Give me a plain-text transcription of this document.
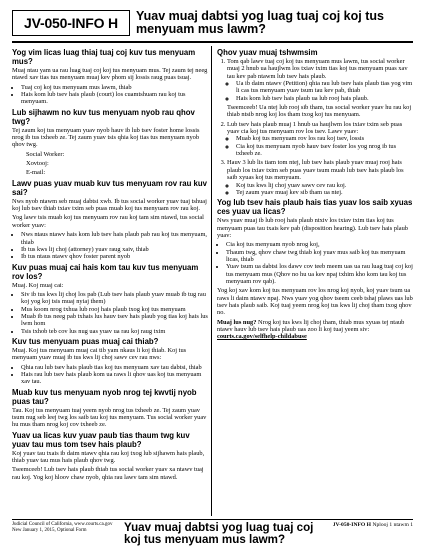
JV-050-INFO H	Yuav muaj dabtsi yog luag tuaj coj koj tus menyuam mus lawm?
Yog vim licas luag thiaj tuaj coj kuv tus menyuam mus?

Muaj ntau yam ua rau luag tuaj coj koj tus menyuam mus. Tej zaum tej neeg ntawd xav tias tus menyuam muaj kev phom sij lossis raug puas tsuaj.

• Tuaj coj koj tus menyuam mus lawm, thiab
• Hais kom lub tsev hais plaub (court) los cuamtshuam rau koj tus menyuam.
Lub sijhawm no kuv tus menyuam nyob rau qhov twg?

Tej zaum koj tus menyuam yuav nyob hauv ib lub tsev foster home lossis nrog ib tus txheeb ze. Tej zaum yuav tsis qhia koj tias tus menyuam nyob qhov twg.

Social Worker:

Xovtooj:

E-mail:

Lawv puas yuav muab kuv tus menyuam rov rau kuv sai?

Nws nyob ntawm seb muaj dabtsi xwb. Ib tus social worker yuav tuaj tshuaj koj lub tsev thiab txiav txim seb puas muab koj tus menyuam rov rau koj.

Yog lawv tsis muab koj tus menyuam rov rau koj tam sim ntawd, tus social worker yuav:

• Nws ntaus ntawv hais kom lub tsev hais plaub pab rau koj tus menyuam, thiab
• Ib tus kws lij choj (attorney) yuav raug xaiv, thiab
• Ib tus ntaus ntawv qhov foster parent nyob
Kuv puas muaj cai hais kom tau kuv tus menyuam rov los?

Muaj. Koj muaj cai:

• Siv ib tus kws lij choj los pab (Lub tsev hais plaub yuav muab ib tug rau koj yog koj tsis muaj nyiaj them)
• Mus koom nrog txhua lub rooj hais plaub txog koj tus menyuam
• Muab ib tus neeg pab txhais lus hauv tsev hais plaub yog tias koj hais lus lwm hom
• Tsis txhob teb cov lus nug uas yuav ua rau koj raug txim
Kuv tus menyuam puas muaj cai thiab?

Muaj. Koj tus menyuam muaj cai tib yam nkaus li koj thiab. Koj tus menyuam yuav muaj ib tus kws lij choj sawv cev rau nws:

• Qhia rau lub tsev hais plaub tias koj tus menyuam xav tau dabtsi, thiab
• Hais rau lub tsev hais plaub kom ua raws li qhov uas koj tus menyuam xav tau.
Muab kuv tus menyuam nyob nrog tej kwvtij nyob puas tau?

Tau. Koj tus menyuam tuaj yeem nyob nrog tus txheeb ze. Tej zaum yuav tsum nug seb leej twg los saib tau koj tus menyuam. Tus social worker yuav hu mus tham nrog koj cov txheeb ze.

Yuav ua licas kuv yuav paub tias thaum twg kuv yuav tau mus tom tsev hais plaub?

Koj yuav tau txais ib daim ntawv qhia rau koj txog lub sijhawm hais plaub, thiab yuav tau mus hais plaub qhov twg.

Tseemceeb! Lub tsev hais plaub thiab tus social worker yuav xa ntawv tuaj rau koj. Yog koj hloov chaw nyob, qhia rau lawv tam sim ntawd.

Qhov yuav muaj tshwmsim
1. Tom qab lawv tuaj coj koj tus menyuam mus lawm, tus social worker muaj 2 hnub ua haujlwm los txiav txim tias koj tus menyuam puas xav tau kev pab ntawm lub tsev hais plaub.
◦ Ua ib daim ntawv (Petition) qhia rau lub tsev hais plaub tias yog vim li cas tus menyuam yuav tsum tau kev pab, thiab
◦ Hais kom lub tsev hais plaub ua lub rooj hais plaub.

Tseemceeb! Ua ntej lub rooj sib tham, tus social worker yuav hu rau koj thiab ntsib nrog koj los tham txog koj tus menyuam.

2. Lub tsev hais plaub muaj 1 hnub ua haujlwm los txiav txim seb puas yuav cia koj tus menyuam rov los tsev. Lawv yuav:
◦ Muab koj tus menyuam rov los rau koj tsev, lossis
◦ Cia koj tus menyuam nyob hauv tsev foster los yog nrog ib tus txheeb ze.
3. Hauv 3 lub lis tiam tom ntej, lub tsev hais plaub yuav muaj rooj hais plaub los txiav txim seb puas yuav tsum muab lub tsev hais plaub los saib xyuas koj tus menyuam.
◦ Koj tus kws lij choj yuav sawv cev rau koj.
◦ Tej zaum yuav muaj kev sib tham ua ntej.
Yog lub tsev hais plaub hais tias yuav los saib xyuas ces yuav ua licas?

Nws yuav muaj ib lub rooj hais plaub ntxiv los txiav txim tias koj tus menyuam puas tau txais kev pab (disposition hearing). Lub tsev hais plaub yuav:

• Cia koj tus menyuam nyob nrog koj,
• Thaum twg, qhov chaw twg thiab koj yuav mus saib koj tus menyuam licas, thiab
• Yuav tsum ua dabtsi los dawv cov teeb meem uas ua rau luag tuaj coj koj tus menyuam mus (Qhov no hu ua kev npaj txhim kho kom tau koj tus menyuam rov qab).

Yog koj xav kom koj tus menyuam rov los nrog koj nyob, koj yuav tsum ua raws li daim ntawv npaj. Nws yuav yog qhov tseem ceeb tshaj plaws uas lub tsev hais plaub saib. Koj tuaj yeem nrog koj tus kws lij choj tham txog qhov no.

Muaj lus nug? Nrog koj tus kws lij choj tham, thiab mus xyuas tej ntaub ntawv hauv lub tsev hais plaub uas zoo li koj tuaj yeem siv: courts.ca.gov/selfhelp-childabuse

Judicial Council of California, www.courts.ca.gov
New January 1, 2015, Optional Form	Yuav muaj dabtsi yog luag tuaj coj koj tus menyuam mus lawm?
JV-050-INFO H Nplooj 1 ntawm 1
